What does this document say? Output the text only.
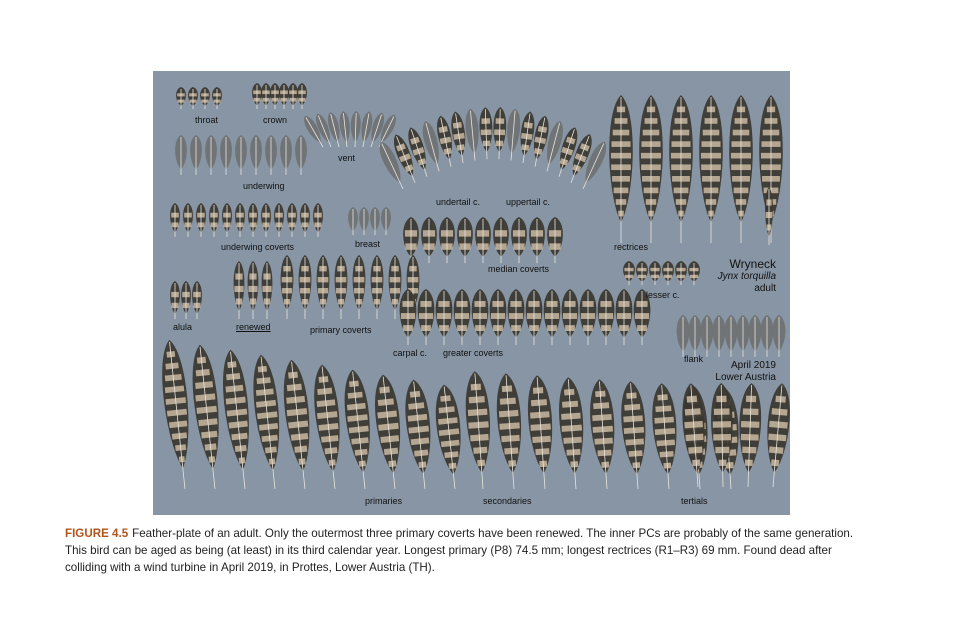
throat	crown
vent
underwing
undertail c.	uppertail c.
rectrices
underwing coverts	breast
median coverts
lesser c.
alula	renewed	primary coverts
carpal c. greater coverts
flank
primaries	secondaries	tertials
Wryneck
Jynx torquilla
adult
April 2019
Lower Austria
FIGURE 4.5 Feather-plate of an adult. Only the outermost three primary coverts have been renewed. The inner PCs are probably of the same generation. This bird can be aged as being (at least) in its third calendar year. Longest primary (P8) 74.5 mm; longest rectrices (R1–R3) 69 mm. Found dead after colliding with a wind turbine in April 2019, in Prottes, Lower Austria (TH).
